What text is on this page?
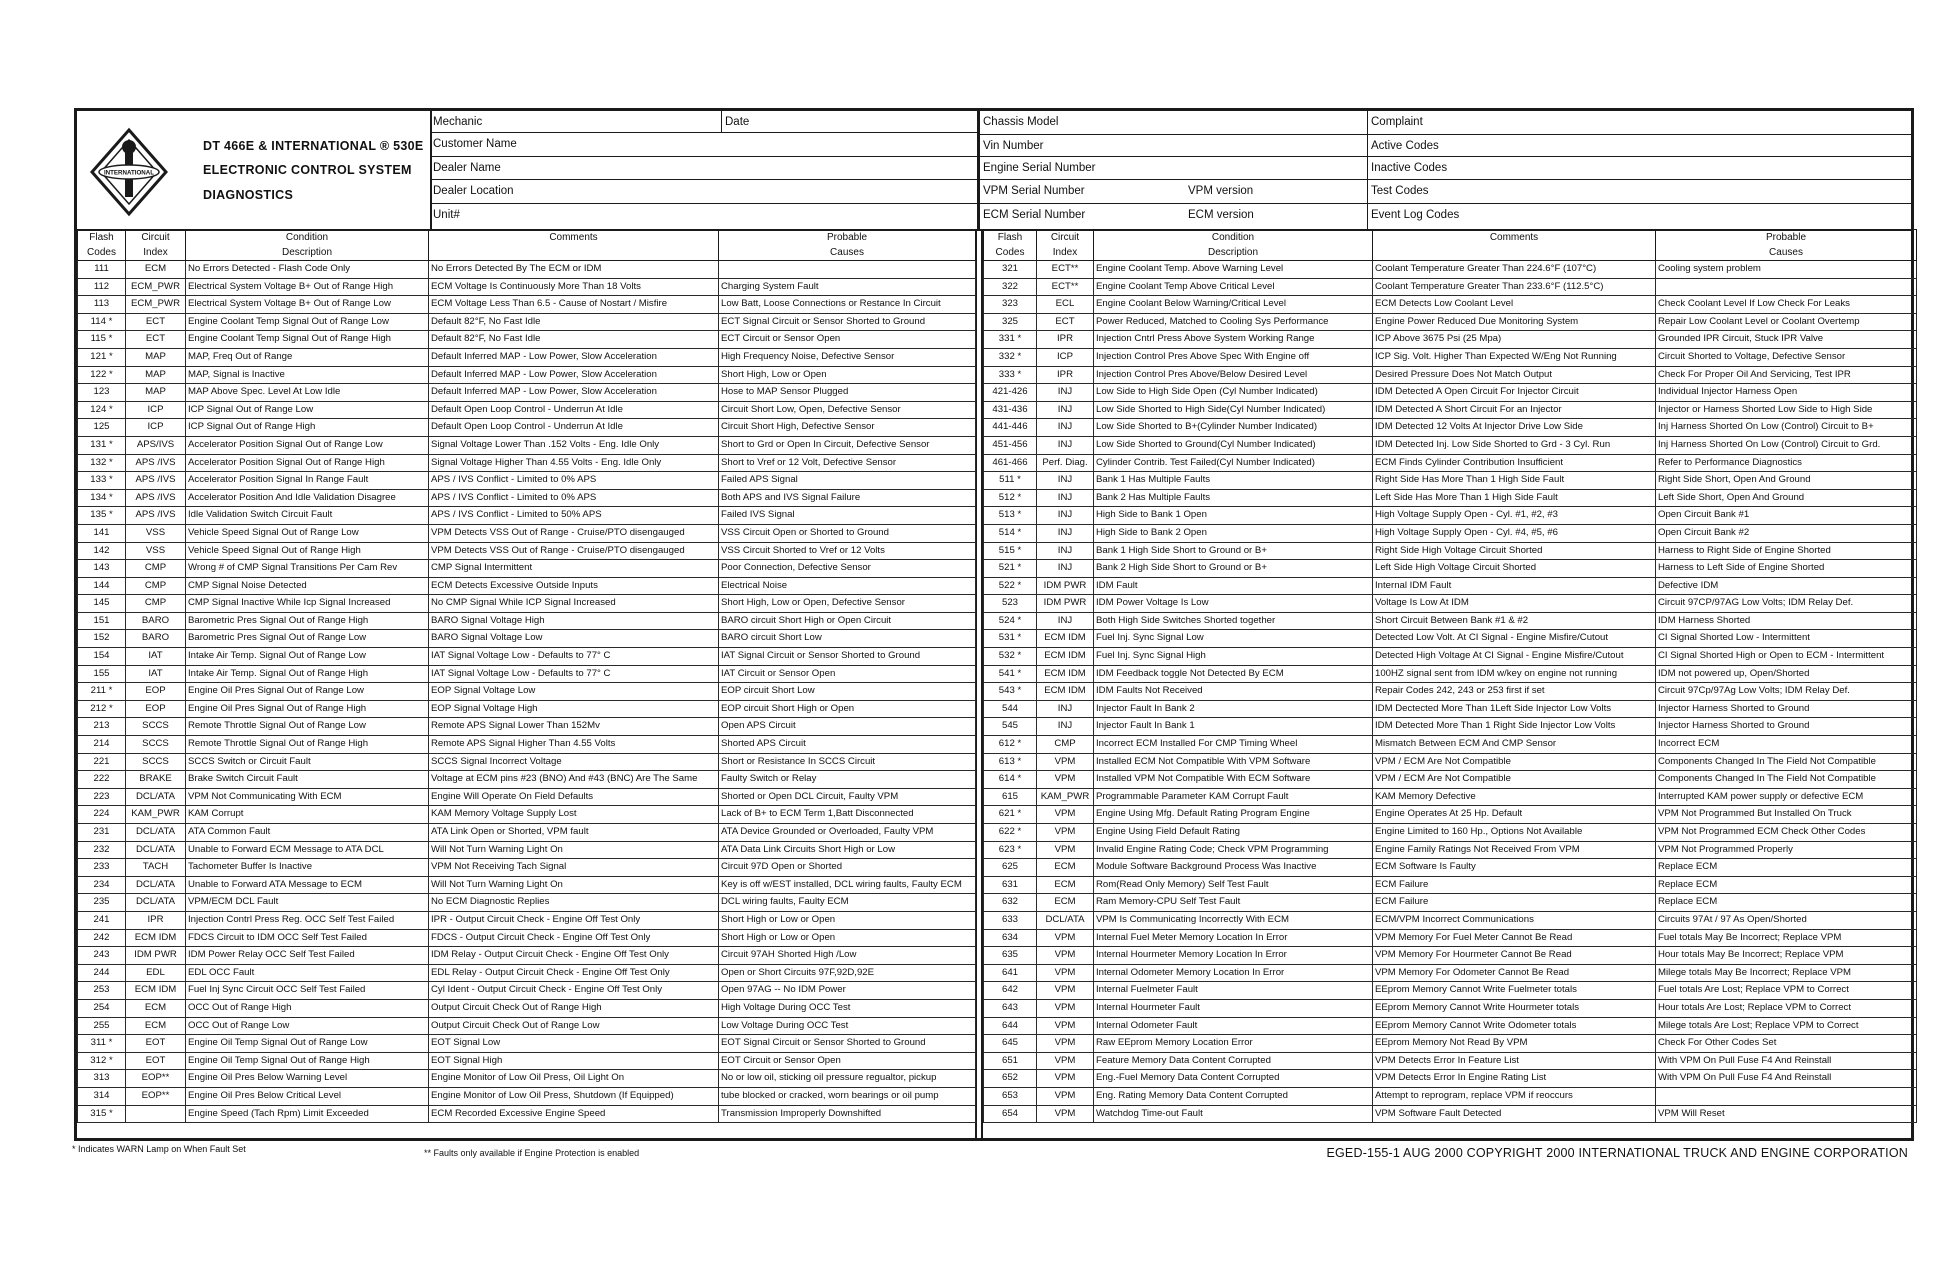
INTERNATIONAL
DT 466E & INTERNATIONAL ® 530E
ELECTRONIC CONTROL SYSTEM
DIAGNOSTICS
Mechanic	Date
Customer Name
Dealer Name
Dealer Location
Unit#
Chassis Model
Vin Number
Engine Serial Number
VPM Serial Number	VPM version
ECM Serial Number	ECM version
Complaint
Active Codes
Inactive Codes
Test Codes
Event Log Codes
Flash
Codes	Circuit
Index	Condition
Description	Comments	Probable
Causes
111	ECM	No Errors Detected - Flash Code Only	No Errors Detected By The ECM or IDM	
112	ECM_PWR	Electrical System Voltage B+ Out of Range High	ECM Voltage Is Continuously More Than 18 Volts	Charging System Fault
113	ECM_PWR	Electrical System Voltage B+ Out of Range Low	ECM Voltage Less Than 6.5 - Cause of Nostart / Misfire	Low Batt, Loose Connections or Restance In Circuit
114 *	ECT	Engine Coolant Temp Signal Out of Range Low	Default 82°F, No Fast Idle	ECT Signal Circuit or Sensor Shorted to Ground
115 *	ECT	Engine Coolant Temp Signal Out of Range High	Default 82°F, No Fast Idle	ECT Circuit or Sensor Open
121 *	MAP	MAP, Freq Out of Range	Default Inferred MAP - Low Power, Slow Acceleration	High Frequency Noise, Defective Sensor
122 *	MAP	MAP, Signal is Inactive	Default Inferred MAP - Low Power, Slow Acceleration	Short High, Low or Open
123	MAP	MAP Above Spec. Level At Low Idle	Default Inferred MAP - Low Power, Slow Acceleration	Hose to MAP Sensor Plugged
124 *	ICP	ICP Signal Out of Range Low	Default Open Loop Control - Underrun At Idle	Circuit Short Low, Open, Defective Sensor
125	ICP	ICP Signal Out of Range High	Default Open Loop Control - Underrun At Idle	Circuit Short High, Defective Sensor
131 *	APS/IVS	Accelerator Position Signal Out of Range Low	Signal Voltage Lower Than .152 Volts - Eng. Idle Only	Short to Grd or Open In Circuit, Defective Sensor
132 *	APS /IVS	Accelerator Position Signal Out of Range High	Signal Voltage Higher Than 4.55 Volts - Eng. Idle Only	Short to Vref or 12 Volt, Defective Sensor
133 *	APS /IVS	Accelerator Position Signal In Range Fault	APS / IVS Conflict - Limited to 0% APS	Failed APS Signal
134 *	APS /IVS	Accelerator Position And Idle Validation Disagree	APS / IVS Conflict - Limited to 0% APS	Both APS and IVS Signal Failure
135 *	APS /IVS	Idle Validation Switch Circuit Fault	APS / IVS Conflict - Limited to 50% APS	Failed IVS Signal
141	VSS	Vehicle Speed Signal Out of Range Low	VPM Detects VSS Out of Range - Cruise/PTO disengauged	VSS Circuit Open or Shorted to Ground
142	VSS	Vehicle Speed Signal Out of Range High	VPM Detects VSS Out of Range - Cruise/PTO disengauged	VSS Circuit Shorted to Vref or 12 Volts
143	CMP	Wrong # of CMP Signal Transitions Per Cam Rev	CMP Signal Intermittent	Poor Connection, Defective Sensor
144	CMP	CMP Signal Noise Detected	ECM Detects Excessive Outside Inputs	Electrical Noise
145	CMP	CMP Signal Inactive While Icp Signal Increased	No CMP Signal While ICP Signal Increased	Short High, Low or Open, Defective Sensor
151	BARO	Barometric Pres Signal Out of Range High	BARO Signal Voltage High	BARO circuit Short High or Open Circuit
152	BARO	Barometric Pres Signal Out of Range Low	BARO Signal Voltage Low	BARO circuit Short Low
154	IAT	Intake Air Temp. Signal Out of Range Low	IAT Signal Voltage Low - Defaults to 77° C	IAT Signal Circuit or Sensor Shorted to Ground
155	IAT	Intake Air Temp. Signal Out of Range High	IAT Signal Voltage Low - Defaults to 77° C	IAT Circuit or Sensor Open
211 *	EOP	Engine Oil Pres Signal Out of Range Low	EOP Signal Voltage Low	EOP circuit Short Low
212 *	EOP	Engine Oil Pres Signal Out of Range High	EOP Signal Voltage High	EOP circuit Short High or Open
213	SCCS	Remote Throttle Signal Out of Range Low	Remote APS Signal Lower Than 152Mv	Open APS Circuit
214	SCCS	Remote Throttle Signal Out of Range High	Remote APS Signal Higher Than 4.55 Volts	Shorted APS Circuit
221	SCCS	SCCS Switch or Circuit Fault	SCCS Signal Incorrect Voltage	Short or Resistance In SCCS Circuit
222	BRAKE	Brake Switch Circuit Fault	Voltage at ECM pins #23 (BNO) And #43 (BNC) Are The Same	Faulty Switch or Relay
223	DCL/ATA	VPM Not Communicating With ECM	Engine Will Operate On Field Defaults	Shorted or Open DCL Circuit, Faulty VPM
224	KAM_PWR	KAM Corrupt	KAM Memory Voltage Supply Lost	Lack of B+ to ECM Term 1,Batt Disconnected
231	DCL/ATA	ATA Common Fault	ATA Link Open or Shorted, VPM fault	ATA Device Grounded or Overloaded, Faulty VPM
232	DCL/ATA	Unable to Forward ECM Message to ATA DCL	Will Not Turn Warning Light On	ATA Data Link Circuits Short High or Low
233	TACH	Tachometer Buffer Is Inactive	VPM Not Receiving Tach Signal	Circuit 97D Open or Shorted
234	DCL/ATA	Unable to Forward ATA Message to ECM	Will Not Turn Warning Light On	Key is off w/EST installed, DCL wiring faults, Faulty ECM
235	DCL/ATA	VPM/ECM DCL Fault	No ECM Diagnostic Replies	DCL wiring faults, Faulty ECM
241	IPR	Injection Contrl Press Reg. OCC Self Test Failed	IPR - Output Circuit Check - Engine Off Test Only	Short High or Low or Open
242	ECM IDM	FDCS Circuit to IDM OCC Self Test Failed	FDCS - Output Circuit Check - Engine Off Test Only	Short High or Low or Open
243	IDM PWR	IDM Power Relay OCC Self Test Failed	IDM Relay - Output Circuit Check - Engine Off Test Only	Circuit 97AH Shorted High /Low
244	EDL	EDL OCC Fault	EDL Relay - Output Circuit Check - Engine Off Test Only	Open or Short Circuits 97F,92D,92E
253	ECM IDM	Fuel Inj Sync Circuit OCC Self Test Failed	Cyl Ident - Output Circuit Check - Engine Off Test Only	Open 97AG -- No IDM Power
254	ECM	OCC Out of Range High	Output Circuit Check Out of Range High	High Voltage During OCC Test
255	ECM	OCC Out of Range Low	Output Circuit Check Out of Range Low	Low Voltage During OCC Test
311 *	EOT	Engine Oil Temp Signal Out of Range Low	EOT Signal Low	EOT Signal Circuit or Sensor Shorted to Ground
312 *	EOT	Engine Oil Temp Signal Out of Range High	EOT Signal High	EOT Circuit or Sensor Open
313	EOP**	Engine Oil Pres Below Warning Level	Engine Monitor of Low Oil Press, Oil Light On	No or low oil, sticking oil pressure regualtor, pickup
314	EOP**	Engine Oil Pres Below Critical Level	Engine Monitor of Low Oil Press, Shutdown (If Equipped)	tube blocked or cracked, worn bearings or oil pump
315 *		Engine Speed (Tach Rpm) Limit Exceeded	ECM Recorded Excessive Engine Speed	Transmission Improperly Downshifted
Flash
Codes	Circuit
Index	Condition
Description	Comments	Probable
Causes
321	ECT**	Engine Coolant Temp. Above Warning Level	Coolant Temperature Greater Than 224.6°F (107°C)	Cooling system problem
322	ECT**	Engine Coolant Temp Above Critical Level	Coolant Temperature Greater Than 233.6°F (112.5°C)	
323	ECL	Engine Coolant Below Warning/Critical Level	ECM Detects Low Coolant Level	Check Coolant Level If Low Check For Leaks
325	ECT	Power Reduced, Matched to Cooling Sys Performance	Engine Power Reduced Due Monitoring System	Repair Low Coolant Level or Coolant Overtemp
331 *	IPR	Injection Cntrl Press Above System Working Range	ICP Above 3675 Psi (25 Mpa)	Grounded IPR Circuit, Stuck IPR Valve
332 *	ICP	Injection Control Pres Above Spec With Engine off	ICP Sig. Volt. Higher Than Expected W/Eng Not Running	Circuit Shorted to Voltage, Defective Sensor
333 *	IPR	Injection Control Pres Above/Below Desired Level	Desired Pressure Does Not Match Output	Check For Proper Oil And Servicing, Test IPR
421-426	INJ	Low Side to High Side Open (Cyl Number Indicated)	IDM Detected A Open Circuit For Injector Circuit	Individual Injector Harness Open
431-436	INJ	Low Side Shorted to High Side(Cyl Number Indicated)	IDM Detected A Short Circuit For an Injector	Injector or Harness Shorted Low Side to High Side
441-446	INJ	Low Side Shorted to B+(Cylinder Number Indicated)	IDM Detected 12 Volts At Injector Drive Low Side	Inj Harness Shorted On Low (Control) Circuit to B+
451-456	INJ	Low Side Shorted to Ground(Cyl Number Indicated)	IDM Detected Inj. Low Side Shorted to Grd - 3 Cyl. Run	Inj Harness Shorted On Low (Control) Circuit to Grd.
461-466	Perf. Diag.	Cylinder Contrib. Test Failed(Cyl Number Indicated)	ECM Finds Cylinder Contribution Insufficient	Refer to Performance Diagnostics
511 *	INJ	Bank 1 Has Multiple Faults	Right Side Has More Than 1 High Side Fault	Right Side Short, Open And Ground
512 *	INJ	Bank 2 Has Multiple Faults	Left Side Has More Than 1 High Side Fault	Left Side Short, Open And Ground
513 *	INJ	High Side to Bank 1 Open	High Voltage Supply Open - Cyl. #1, #2, #3	Open Circuit Bank #1
514 *	INJ	High Side to Bank 2 Open	High Voltage Supply Open - Cyl. #4, #5, #6	Open Circuit Bank #2
515 *	INJ	Bank 1 High Side Short to Ground or B+	Right Side High Voltage Circuit Shorted	Harness to Right Side of Engine Shorted
521 *	INJ	Bank 2 High Side Short to Ground or B+	Left Side High Voltage Circuit Shorted	Harness to Left Side of Engine Shorted
522 *	IDM PWR	IDM Fault	Internal IDM Fault	Defective IDM
523	IDM PWR	IDM Power Voltage Is Low	Voltage Is Low At IDM	Circuit 97CP/97AG Low Volts; IDM Relay Def.
524 *	INJ	Both High Side Switches Shorted together	Short Circuit Between Bank #1 & #2	IDM Harness Shorted
531 *	ECM IDM	Fuel Inj. Sync Signal Low	Detected Low Volt. At CI Signal - Engine Misfire/Cutout	CI Signal Shorted Low - Intermittent
532 *	ECM IDM	Fuel Inj. Sync Signal High	Detected High Voltage At CI Signal - Engine Misfire/Cutout	CI Signal Shorted High or Open to ECM - Intermittent
541 *	ECM IDM	IDM Feedback toggle Not Detected By ECM	100HZ signal sent from IDM w/key on engine not running	IDM not powered up, Open/Shorted
543 *	ECM IDM	IDM Faults Not Received	Repair Codes 242, 243 or 253 first if set	Circuit 97Cp/97Ag Low Volts; IDM Relay Def.
544	INJ	Injector Fault In Bank 2	IDM Dectected More Than 1Left Side Injector Low Volts	Injector Harness Shorted to Ground
545	INJ	Injector Fault In Bank 1	IDM Detected More Than 1 Right Side Injector Low Volts	Injector Harness Shorted to Ground
612 *	CMP	Incorrect ECM Installed For CMP Timing Wheel	Mismatch Between ECM And CMP Sensor	Incorrect ECM
613 *	VPM	Installed ECM Not Compatible With VPM Software	VPM / ECM Are Not Compatible	Components Changed In The Field Not Compatible
614 *	VPM	Installed VPM Not Compatible With ECM Software	VPM / ECM Are Not Compatible	Components Changed In The Field Not Compatible
615	KAM_PWR	Programmable Parameter KAM Corrupt Fault	KAM Memory Defective	Interrupted KAM power supply or defective ECM
621 *	VPM	Engine Using Mfg. Default Rating Program Engine	Engine Operates At 25 Hp. Default	VPM Not Programmed But Installed On Truck
622 *	VPM	Engine Using Field Default Rating	Engine Limited to 160 Hp., Options Not Available	VPM Not Programmed ECM Check Other Codes
623 *	VPM	Invalid Engine Rating Code; Check VPM Programming	Engine Family Ratings Not Received From VPM	VPM Not Programmed Properly
625	ECM	Module Software Background Process Was Inactive	ECM Software Is Faulty	Replace ECM
631	ECM	Rom(Read Only Memory) Self Test Fault	ECM Failure	Replace ECM
632	ECM	Ram Memory-CPU Self Test Fault	ECM Failure	Replace ECM
633	DCL/ATA	VPM Is Communicating Incorrectly With ECM	ECM/VPM Incorrect Communications	Circuits 97At / 97 As Open/Shorted
634	VPM	Internal Fuel Meter Memory Location In Error	VPM Memory For Fuel Meter Cannot Be Read	Fuel totals May Be Incorrect; Replace VPM
635	VPM	Internal Hourmeter Memory Location In Error	VPM Memory For Hourmeter Cannot Be Read	Hour totals May Be Incorrect; Replace VPM
641	VPM	Internal Odometer Memory Location In Error	VPM Memory For Odometer Cannot Be Read	Milege totals May Be Incorrect; Replace VPM
642	VPM	Internal Fuelmeter Fault	EEprom Memory Cannot Write Fuelmeter totals	Fuel totals Are Lost; Replace VPM to Correct
643	VPM	Internal Hourmeter Fault	EEprom Memory Cannot Write Hourmeter totals	Hour totals Are Lost; Replace VPM to Correct
644	VPM	Internal Odometer Fault	EEprom Memory Cannot Write Odometer totals	Milege totals Are Lost; Replace VPM to Correct
645	VPM	Raw EEprom Memory Location Error	EEprom Memory Not Read By VPM	Check For Other Codes Set
651	VPM	Feature Memory Data Content Corrupted	VPM Detects Error In Feature List	With VPM On Pull Fuse F4 And Reinstall
652	VPM	Eng.-Fuel Memory Data Content Corrupted	VPM Detects Error In Engine Rating List	With VPM On Pull Fuse F4 And Reinstall
653	VPM	Eng. Rating Memory Data Content Corrupted	Attempt to reprogram, replace VPM if reoccurs	
654	VPM	Watchdog Time-out Fault	VPM Software Fault Detected	VPM Will Reset
* Indicates WARN Lamp on When Fault Set	** Faults only available if Engine Protection is enabled	EGED-155-1 AUG 2000 COPYRIGHT 2000 INTERNATIONAL TRUCK AND ENGINE CORPORATION
